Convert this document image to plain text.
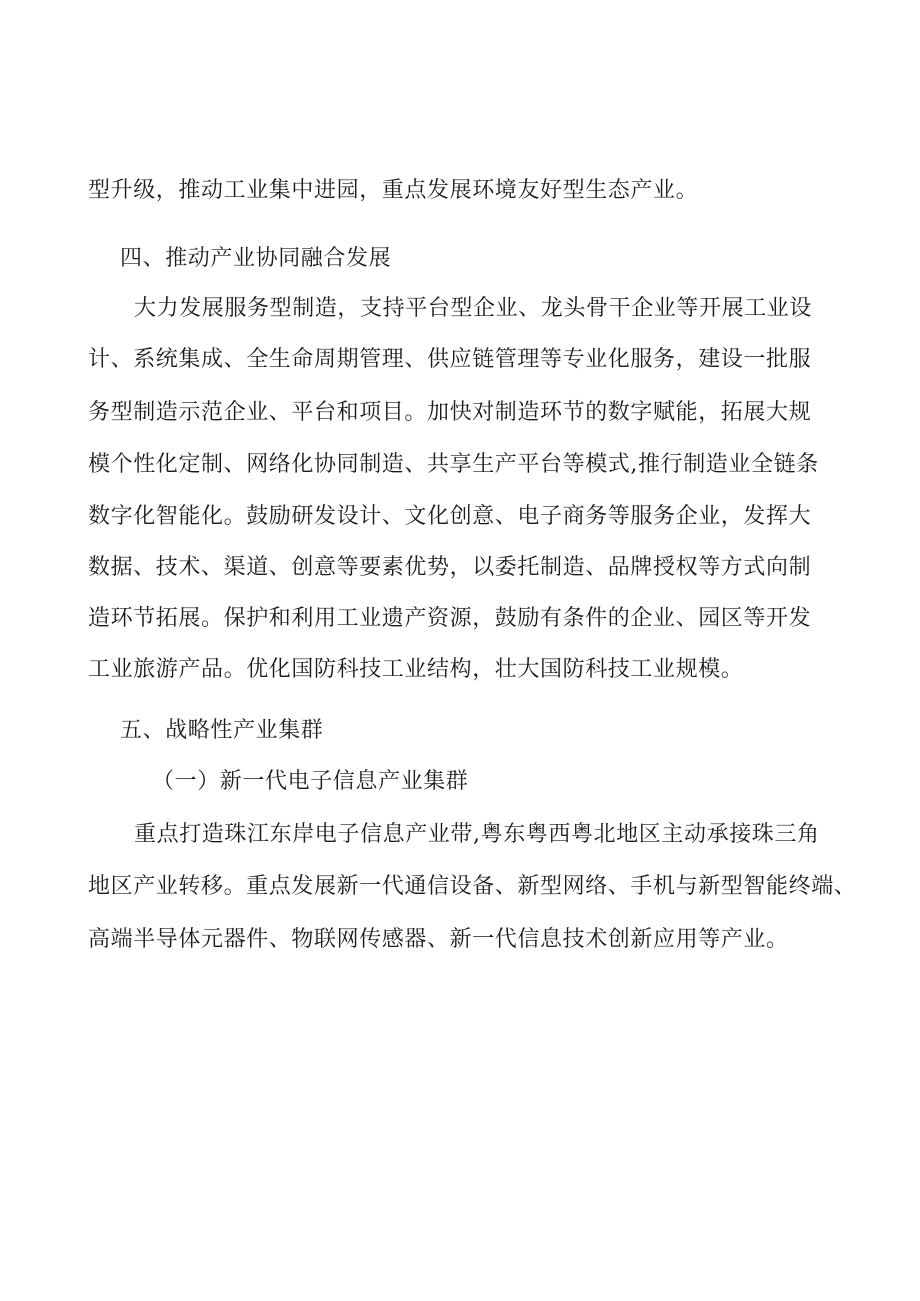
型升级，推动工业集中进园，重点发展环境友好型生态产业。
四、推动产业协同融合发展
大力发展服务型制造，支持平台型企业、龙头骨干企业等开展工业设
计、系统集成、全生命周期管理、供应链管理等专业化服务，建设一批服
务型制造示范企业、平台和项目。加快对制造环节的数字赋能，拓展大规
模个性化定制、网络化协同制造、共享生产平台等模式,推行制造业全链条
数字化智能化。鼓励研发设计、文化创意、电子商务等服务企业，发挥大
数据、技术、渠道、创意等要素优势，以委托制造、品牌授权等方式向制
造环节拓展。保护和利用工业遗产资源，鼓励有条件的企业、园区等开发
工业旅游产品。优化国防科技工业结构，壮大国防科技工业规模。
五、战略性产业集群
（一）新一代电子信息产业集群
重点打造珠江东岸电子信息产业带,粤东粤西粤北地区主动承接珠三角
地区产业转移。重点发展新一代通信设备、新型网络、手机与新型智能终端、
高端半导体元器件、物联网传感器、新一代信息技术创新应用等产业。
